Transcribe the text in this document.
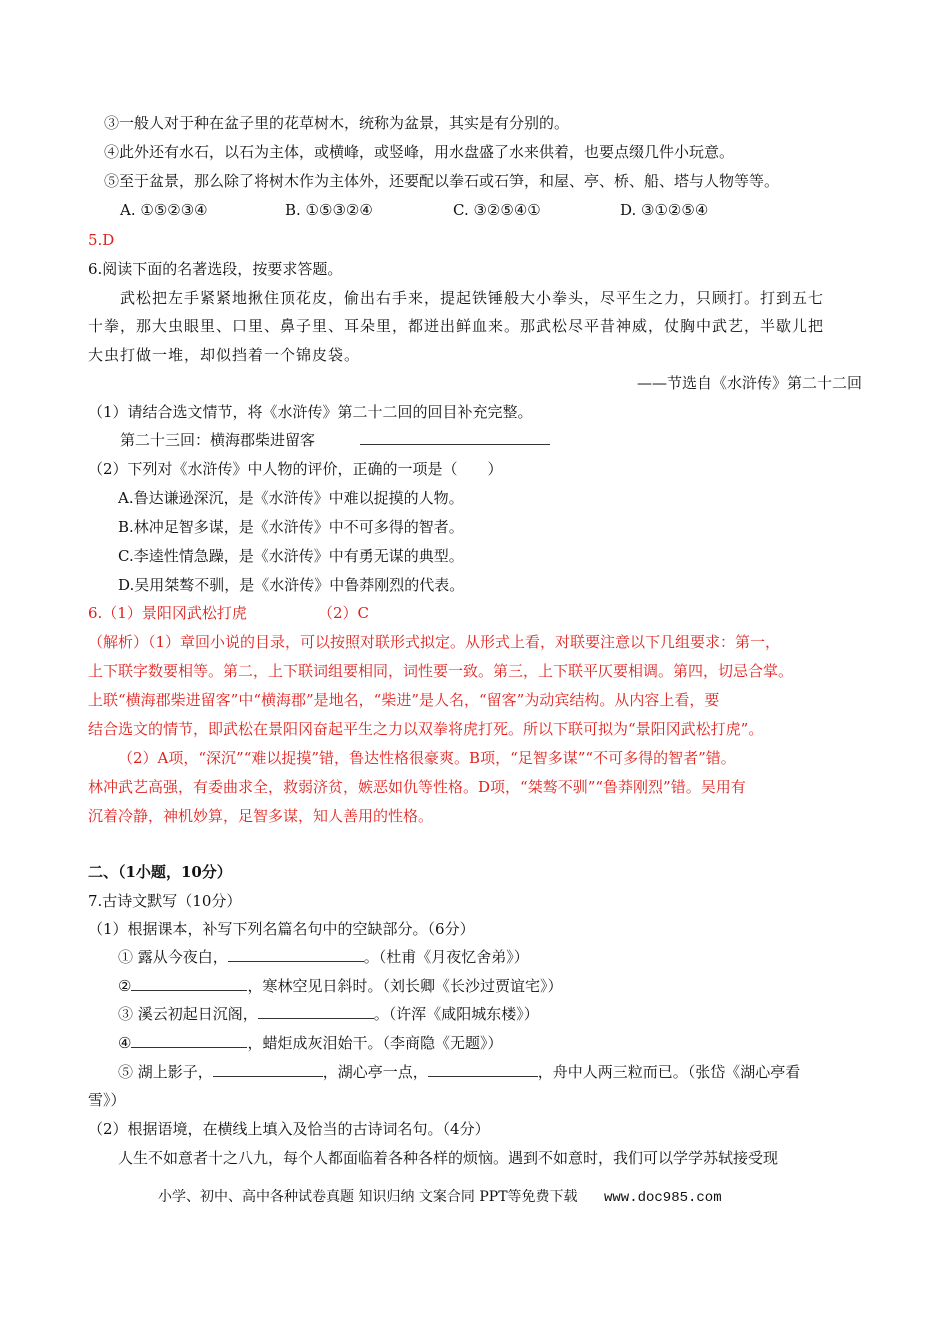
③一般人对于种在盆子里的花草树木，统称为盆景，其实是有分别的。
④此外还有水石，以石为主体，或横峰，或竖峰，用水盘盛了水来供着，也要点缀几件小玩意。
⑤至于盆景，那么除了将树木作为主体外，还要配以拳石或石笋，和屋、亭、桥、船、塔与人物等等。
A. ①⑤②③④	B. ①⑤③②④	C. ③②⑤④①	D. ③①②⑤④
5.D
6.阅读下面的名著选段，按要求答题。
武松把左手紧紧地揪住顶花皮，偷出右手来，提起铁锤般大小拳头，尽平生之力，只顾打。打到五七
十拳，那大虫眼里、口里、鼻子里、耳朵里，都迸出鲜血来。那武松尽平昔神威，仗胸中武艺，半歇儿把
大虫打做一堆，却似挡着一个锦皮袋。
——节选自《水浒传》第二十二回
（1）请结合选文情节，将《水浒传》第二十二回的回目补充完整。
第二十三回：横海郡柴进留客
（2）下列对《水浒传》中人物的评价，正确的一项是（　　）
A.鲁达谦逊深沉，是《水浒传》中难以捉摸的人物。
B.林冲足智多谋，是《水浒传》中不可多得的智者。
C.李逵性情急躁，是《水浒传》中有勇无谋的典型。
D.吴用桀骜不驯，是《水浒传》中鲁莽刚烈的代表。
6.（1）景阳冈武松打虎	（2）C
（解析）（1）章回小说的目录，可以按照对联形式拟定。从形式上看，对联要注意以下几组要求：第一，
上下联字数要相等。第二，上下联词组要相同，词性要一致。第三，上下联平仄要相调。第四，切忌合掌。
上联“横海郡柴进留客”中“横海郡”是地名，“柴进”是人名，“留客”为动宾结构。从内容上看，要
结合选文的情节，即武松在景阳冈奋起平生之力以双拳将虎打死。所以下联可拟为“景阳冈武松打虎”。
（2）A项，“深沉”“难以捉摸”错，鲁达性格很豪爽。B项，“足智多谋”“不可多得的智者”错。
林冲武艺高强，有委曲求全，救弱济贫，嫉恶如仇等性格。D项，“桀骜不驯”“鲁莽刚烈”错。吴用有
沉着冷静，神机妙算，足智多谋，知人善用的性格。
二、（1小题，10分）
7.古诗文默写（10分）
（1）根据课本，补写下列名篇名句中的空缺部分。（6分）
① 露从今夜白，	。（杜甫《月夜忆舍弟》）
②	，寒林空见日斜时。（刘长卿《长沙过贾谊宅》）
③ 溪云初起日沉阁，	。（许浑《咸阳城东楼》）
④	，蜡炬成灰泪始干。（李商隐《无题》）
⑤ 湖上影子，	，湖心亭一点，	，舟中人两三粒而已。（张岱《湖心亭看
雪》）
（2）根据语境，在横线上填入及恰当的古诗词名句。（4分）
人生不如意者十之八九，每个人都面临着各种各样的烦恼。遇到不如意时，我们可以学学苏轼接受现
小学、初中、高中各种试卷真题 知识归纳 文案合同 PPT等免费下载 www.doc985.com
